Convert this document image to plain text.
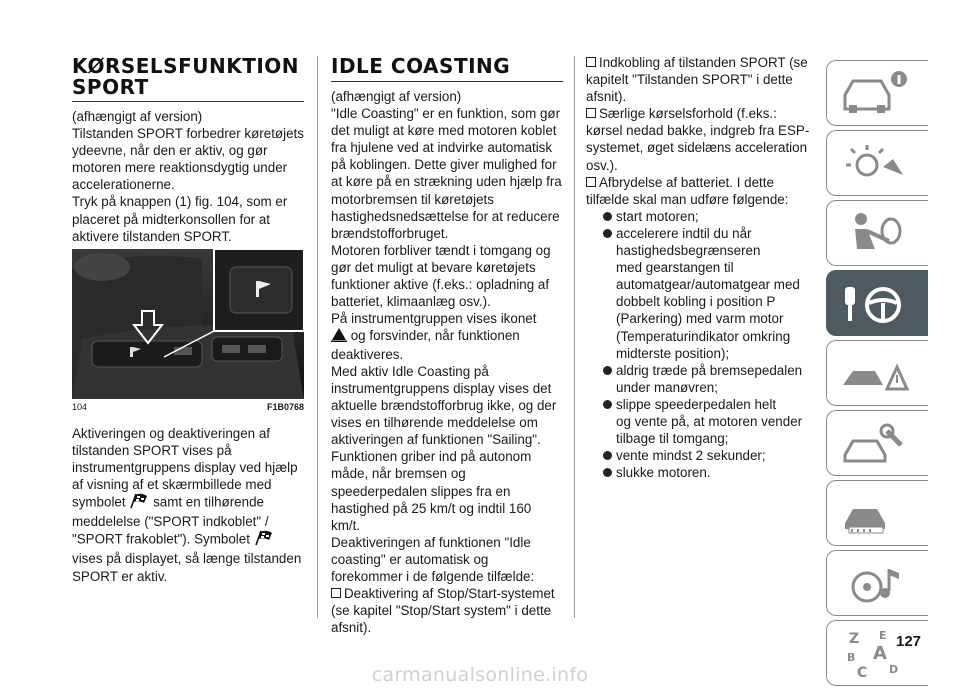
KØRSELSFUNKTION

SPORT

(afhængigt af version)

Tilstanden SPORT forbedrer køretøjets ydeevne, når den er aktiv, og gør motoren mere reaktionsdygtig under accelerationerne.

Tryk på knappen (1) fig. 104, som er placeret på midterkonsollen for at aktivere tilstanden SPORT.

104	F1B0768

Aktiveringen og deaktiveringen af tilstanden SPORT vises på instrumentgruppens display ved hjælp af visning af et skærmbillede med

symbolet samt en tilhørende meddelelse ("SPORT indkoblet" /

"SPORT frakoblet"). Symbolet

vises på displayet, så længe tilstanden SPORT er aktiv.

IDLE COASTING

(afhængigt af version)

"Idle Coasting" er en funktion, som gør det muligt at køre med motoren koblet fra hjulene ved at indvirke automatisk på koblingen. Dette giver mulighed for at køre på en strækning uden hjælp fra motorbremsen til køretøjets hastighedsnedsættelse for at reducere brændstofforbruget.

Motoren forbliver tændt i tomgang og gør det muligt at bevare køretøjets funktioner aktive (f.eks.: opladning af batteriet, klimaanlæg osv.).

På instrumentgruppen vises ikonet

og forsvinder, når funktionen deaktiveres.

Med aktiv Idle Coasting på instrumentgruppens display vises det aktuelle brændstofforbrug ikke, og der vises en tilhørende meddelelse om aktiveringen af funktionen "Sailing".

Funktionen griber ind på autonom måde, når bremsen og speederpedalen slippes fra en hastighed på 25 km/t og indtil 160 km/t.

Deaktiveringen af funktionen "Idle coasting" er automatisk og forekommer i de følgende tilfælde:

Deaktivering af Stop/Start-systemet (se kapitel "Stop/Start system" i dette afsnit).

Indkobling af tilstanden SPORT (se kapitelt "Tilstanden SPORT" i dette afsnit).

Særlige kørselsforhold (f.eks.: kørsel nedad bakke, indgreb fra ESP-systemet, øget sidelæns acceleration osv.).

Afbrydelse af batteriet. I dette tilfælde skal man udføre følgende:

start motoren;

accelerere indtil du når hastighedsbegrænseren

med gearstangen til automatgear/automatgear med dobbelt kobling i position P (Parkering) med varm motor (Temperaturindikator omkring midterste position);

aldrig træde på bremsepedalen under manøvren;

slippe speederpedalen helt

og vente på, at motoren vender tilbage til tomgang;

vente mindst 2 sekunder;

slukke motoren.

Z E
A
B
C D
127
carmanualsonline.info
